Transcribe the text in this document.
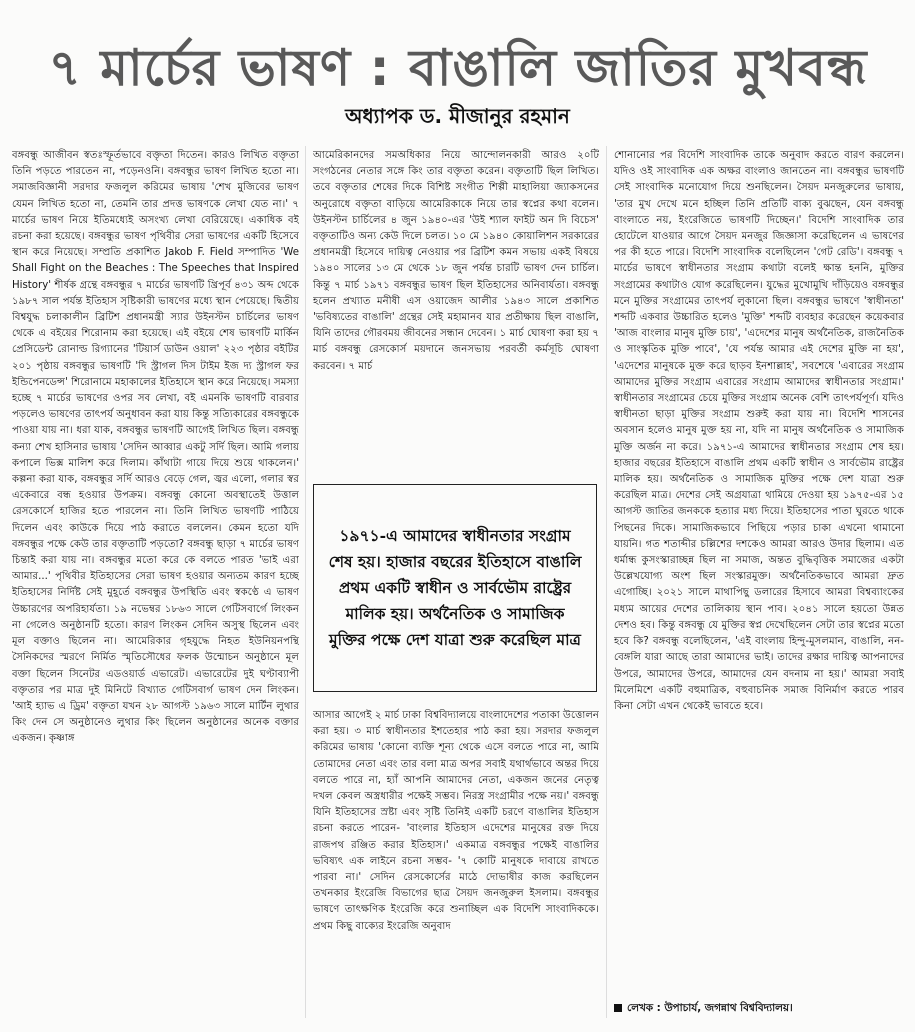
৭ মার্চের ভাষণ : বাঙালি জাতির মুখবন্ধ
অধ্যাপক ড. মীজানুর রহমান

বঙ্গবন্ধু আজীবন স্বতঃস্ফূর্তভাবে বক্তৃতা দিতেন। কারও লিখিত বক্তৃতা তিনি পড়তে পারতেন না, পড়েনওনি। বঙ্গবন্ধুর ভাষণ লিখিত হতো না। সমাজবিজ্ঞানী সরদার ফজলুল করিমের ভাষায় 'শেখ মুজিবের ভাষণ যেমন লিখিত হতো না, তেমনি তার প্রদত্ত ভাষণকে লেখা যেত না।' ৭ মার্চের ভাষণ নিয়ে ইতিমধ্যেই অসংখ্য লেখা বেরিয়েছে। একাধিক বই রচনা করা হয়েছে। বঙ্গবন্ধুর ভাষণ পৃথিবীর সেরা ভাষণের একটি হিসেবে স্থান করে নিয়েছে। সম্প্রতি প্রকাশিত Jakob F. Field সম্পাদিত 'We Shall Fight on the Beaches : The Speeches that Inspired History' শীর্ষক গ্রন্থে বঙ্গবন্ধুর ৭ মার্চের ভাষণটি খ্রিপূর্ব ৪৩১ অব্দ থেকে ১৯৮৭ সাল পর্যন্ত ইতিহাস সৃষ্টিকারী ভাষণের মধ্যে স্থান পেয়েছে। দ্বিতীয় বিশ্বযুদ্ধ চলাকালীন ব্রিটিশ প্রধানমন্ত্রী স্যার উইনস্টন চার্চিলের ভাষণ থেকে এ বইয়ের শিরোনাম করা হয়েছে। এই বইয়ে শেষ ভাষণটি মার্কিন প্রেসিডেন্ট রোনাল্ড রিগ্যানের 'টিয়ার্স ডাউন ওয়াল' ২২৩ পৃষ্ঠার বইটির ২০১ পৃষ্ঠায় বঙ্গবন্ধুর ভাষণটি 'দি স্ট্রাগল দিস টাইম ইজ দ্য স্ট্রাগল ফর ইন্ডিপেনডেন্স' শিরোনামে মহাকালের ইতিহাসে স্থান করে নিয়েছে। সমস্যা হচ্ছে ৭ মার্চের ভাষণের ওপর সব লেখা, বই এমনকি ভাষণটি বারবার পড়লেও ভাষণের তাৎপর্য অনুধাবন করা যায় কিন্তু সত্যিকারের বঙ্গবন্ধুকে পাওয়া যায় না। ধরা যাক, বঙ্গবন্ধুর ভাষণটি আগেই লিখিত ছিল। বঙ্গবন্ধু কন্যা শেখ হাসিনার ভাষায় 'সেদিন আব্বার একটু সর্দি ছিল। আমি গলায় কপালে ভিক্স মালিশ করে দিলাম। কাঁথাটা গায়ে দিয়ে শুয়ে থাকলেন।' কল্পনা করা যাক, বঙ্গবন্ধুর সর্দি আরও বেড়ে গেল, জ্বর এলো, গলার স্বর একেবারে বন্ধ হওয়ার উপক্রম। বঙ্গবন্ধু কোনো অবস্থাতেই উত্তাল রেসকোর্সে হাজির হতে পারলেন না। তিনি লিখিত ভাষণটি পাঠিয়ে দিলেন এবং কাউকে দিয়ে পাঠ করাতে বললেন। কেমন হতো যদি বঙ্গবন্ধুর পক্ষে কেউ তার বক্তৃতাটি পড়তো? বঙ্গবন্ধু ছাড়া ৭ মার্চের ভাষণ চিন্তাই করা যায় না। বঙ্গবন্ধুর মতো করে কে বলতে পারত 'ভাই এরা আমার...' পৃথিবীর ইতিহাসের সেরা ভাষণ হওয়ার অন্যতম কারণ হচ্ছে ইতিহাসের নির্দিষ্ট সেই মুহূর্তে বঙ্গবন্ধুর উপস্থিতি এবং স্বকণ্ঠে এ ভাষণ উচ্চারণের অপরিহার্যতা। ১৯ নভেম্বর ১৮৬৩ সালে গেটিসবার্গে লিংকন না গেলেও অনুষ্ঠানটি হতো। কারণ লিংকন সেদিন অসুস্থ ছিলেন এবং মূল বক্তাও ছিলেন না। আমেরিকার গৃহযুদ্ধে নিহত ইউনিয়নপন্থি সৈনিকদের স্মরণে নির্মিত স্মৃতিসৌধের ফলক উন্মোচন অনুষ্ঠানে মূল বক্তা ছিলেন সিনেটর এডওয়ার্ড এভারেট। এভারেটের দুই ঘণ্টাব্যাপী বক্তৃতার পর মাত্র দুই মিনিটে বিখ্যাত গেটিসবার্গ ভাষণ দেন লিংকন। 'আই হ্যাভ এ ড্রিম' বক্তৃতা যখন ২৮ আগস্ট ১৯৬৩ সালে মার্টিন লুথার কিং দেন সে অনুষ্ঠানেও লুথার কিং ছিলেন অনুষ্ঠানের অনেক বক্তার একজন। কৃষ্ণাঙ্গ

আমেরিকানদের সমঅধিকার নিয়ে আন্দোলনকারী আরও ২০টি সংগঠনের নেতার সঙ্গে কিং তার বক্তৃতা করেন। বক্তৃতাটি ছিল লিখিত। তবে বক্তৃতার শেষের দিকে বিশিষ্ট সংগীত শিল্পী মাহালিয়া জ্যাকসনের অনুরোধে বক্তৃতা বাড়িয়ে আমেরিকাকে নিয়ে তার স্বপ্নের কথা বলেন। উইনস্টন চার্চিলের ৪ জুন ১৯৪০-এর 'উই শ্যাল ফাইট অন দি বিচেস' বক্তৃতাটিও অন্য কেউ দিলে চলত। ১০ মে ১৯৪০ কোয়ালিশন সরকারের প্রধানমন্ত্রী হিসেবে দায়িত্ব নেওয়ার পর ব্রিটিশ কমন সভায় একই বিষয়ে ১৯৪০ সালের ১৩ মে থেকে ১৮ জুন পর্যন্ত চারটি ভাষণ দেন চার্চিল। কিন্তু ৭ মার্চ ১৯৭১ বঙ্গবন্ধুর ভাষণ ছিল ইতিহাসের অনিবার্যতা। বঙ্গবন্ধু হলেন প্রখ্যাত মনীষী এস ওয়াজেদ আলীর ১৯৪৩ সালে প্রকাশিত 'ভবিষ্যতের বাঙালি' গ্রন্থের সেই মহামানব যার প্রতীক্ষায় ছিল বাঙালি, যিনি তাদের গৌরবময় জীবনের সন্ধান দেবেন। ১ মার্চ ঘোষণা করা হয় ৭ মার্চ বঙ্গবন্ধু রেসকোর্স ময়দানে জনসভায় পরবর্তী কর্মসূচি ঘোষণা করবেন। ৭ মার্চ

১৯৭১-এ আমাদের স্বাধীনতার সংগ্রাম শেষ হয়। হাজার বছরের ইতিহাসে বাঙালি প্রথম একটি স্বাধীন ও সার্বভৌম রাষ্ট্রের মালিক হয়। অর্থনৈতিক ও সামাজিক মুক্তির পক্ষে দেশ যাত্রা শুরু করেছিল মাত্র

আসার আগেই ২ মার্চ ঢাকা বিশ্ববিদ্যালয়ে বাংলাদেশের পতাকা উত্তোলন করা হয়। ৩ মার্চ স্বাধীনতার ইশতেহার পাঠ করা হয়। সরদার ফজলুল করিমের ভাষায় 'কোনো ব্যক্তি শূন্য থেকে এসে বলতে পারে না, আমি তোমাদের নেতা এবং তার বলা মাত্র অপর সবাই যথার্থভাবে অন্তর দিয়ে বলতে পারে না, হ্যাঁ আপনি আমাদের নেতা, একজন জনের নেতৃত্ব দখল কেবল অস্ত্রধারীর পক্ষেই সম্ভব। নিরস্ত্র সংগ্রামীর পক্ষে নয়।' বঙ্গবন্ধু যিনি ইতিহাসের স্রষ্টা এবং সৃষ্টি তিনিই একটি চরণে বাঙালির ইতিহাস রচনা করতে পারেন- 'বাংলার ইতিহাস এদেশের মানুষের রক্ত দিয়ে রাজপথ রঞ্জিত করার ইতিহাস।' একমাত্র বঙ্গবন্ধুর পক্ষেই বাঙালির ভবিষ্যৎ এক লাইনে রচনা সম্ভব- '৭ কোটি মানুষকে দাবায়ে রাখতে পারবা না।' সেদিন রেসকোর্সের মাঠে দোভাষীর কাজ করছিলেন তখনকার ইংরেজি বিভাগের ছাত্র সৈয়দ জনজুরুল ইসলাম। বঙ্গবন্ধুর ভাষণে তাৎক্ষণিক ইংরেজি করে শুনাচ্ছিল এক বিদেশি সাংবাদিককে। প্রথম কিছু বাক্যের ইংরেজি অনুবাদ

শোনানোর পর বিদেশি সাংবাদিক তাকে অনুবাদ করতে বারণ করলেন। যদিও ওই সাংবাদিক এক অক্ষর বাংলাও জানতেন না। বঙ্গবন্ধুর ভাষণটি সেই সাংবাদিক মনোযোগ দিয়ে শুনছিলেন। সৈয়দ মনজুরুলের ভাষায়, 'তার মুখ দেখে মনে হচ্ছিল তিনি প্রতিটি বাক্য বুঝছেন, যেন বঙ্গবন্ধু বাংলাতে নয়, ইংরেজিতে ভাষণটি দিচ্ছেন।' বিদেশি সাংবাদিক তার হোটেলে যাওয়ার আগে সৈয়দ মনজুর জিজ্ঞাসা করেছিলেন এ ভাষণের পর কী হতে পারে। বিদেশি সাংবাদিক বলেছিলেন 'গেট রেডি'। বঙ্গবন্ধু ৭ মার্চের ভাষণে স্বাধীনতার সংগ্রাম কথাটা বলেই ক্ষান্ত হননি, মুক্তির সংগ্রামের কথাটাও যোগ করেছিলেন। যুদ্ধের মুখোমুখি দাঁড়িয়েও বঙ্গবন্ধুর মনে মুক্তির সংগ্রামের তাৎপর্য লুকানো ছিল। বঙ্গবন্ধুর ভাষণে 'স্বাধীনতা' শব্দটি একবার উচ্চারিত হলেও 'মুক্তি' শব্দটি ব্যবহার করেছেন কয়েকবার 'আজ বাংলার মানুষ মুক্তি চায়', 'এদেশের মানুষ অর্থনৈতিক, রাজনৈতিক ও সাংস্কৃতিক মুক্তি পাবে', 'যে পর্যন্ত আমার এই দেশের মুক্তি না হয়', 'এদেশের মানুষকে মুক্ত করে ছাড়ব ইনশাল্লাহ', সবশেষে 'এবারের সংগ্রাম আমাদের মুক্তির সংগ্রাম এবারের সংগ্রাম আমাদের স্বাধীনতার সংগ্রাম।' স্বাধীনতার সংগ্রামের চেয়ে মুক্তির সংগ্রাম অনেক বেশি তাৎপর্যপূর্ণ। যদিও স্বাধীনতা ছাড়া মুক্তির সংগ্রাম শুরুই করা যায় না। বিদেশি শাসনের অবসান হলেও মানুষ মুক্ত হয় না, যদি না মানুষ অর্থনৈতিক ও সামাজিক মুক্তি অর্জন না করে। ১৯৭১-এ আমাদের স্বাধীনতার সংগ্রাম শেষ হয়। হাজার বছরের ইতিহাসে বাঙালি প্রথম একটি স্বাধীন ও সার্বভৌম রাষ্ট্রের মালিক হয়। অর্থনৈতিক ও সামাজিক মুক্তির পক্ষে দেশ যাত্রা শুরু করেছিল মাত্র। দেশের সেই অগ্রযাত্রা থামিয়ে দেওয়া হয় ১৯৭৫-এর ১৫ আগস্ট জাতির জনককে হত্যার মধ্য দিয়ে। ইতিহাসের পাতা ঘুরতে থাকে পিছনের দিকে। সামাজিকভাবে পিছিয়ে পড়ার চাকা এখনো থামানো যায়নি। গত শতাব্দীর চল্লিশের দশকেও আমরা আরও উদার ছিলাম। এত ধর্মান্ধ কুসংস্কারাচ্ছন্ন ছিল না সমাজ, অন্তত বুদ্ধিবৃত্তিক সমাজের একটা উল্লেখযোগ্য অংশ ছিল সংস্কারমুক্ত। অর্থনৈতিকভাবে আমরা দ্রুত এগোচ্ছি। ২০২১ সালে মাথাপিছু ডলারের হিসাবে আমরা বিশ্বব্যাংকের মধ্যম আয়ের দেশের তালিকায় স্থান পাব। ২০৪১ সালে হয়তো উন্নত দেশও হব। কিন্তু বঙ্গবন্ধু যে মুক্তির স্বপ্ন দেখেছিলেন সেটা তার স্বপ্নের মতো হবে কি? বঙ্গবন্ধু বলেছিলেন, 'এই বাংলায় হিন্দু-মুসলমান, বাঙালি, নন-বেঙ্গলি যারা আছে তারা আমাদের ভাই। তাদের রক্ষার দায়িত্ব আপনাদের উপরে, আমাদের উপরে, আমাদের যেন বদনাম না হয়।' আমরা সবাই মিলেমিশে একটি বহুমাত্রিক, বহুবাচনিক সমাজ বিনির্মাণ করতে পারব কিনা সেটা এখন থেকেই ভাবতে হবে।

লেখক : উপাচার্য, জগন্নাথ বিশ্ববিদ্যালয়।
